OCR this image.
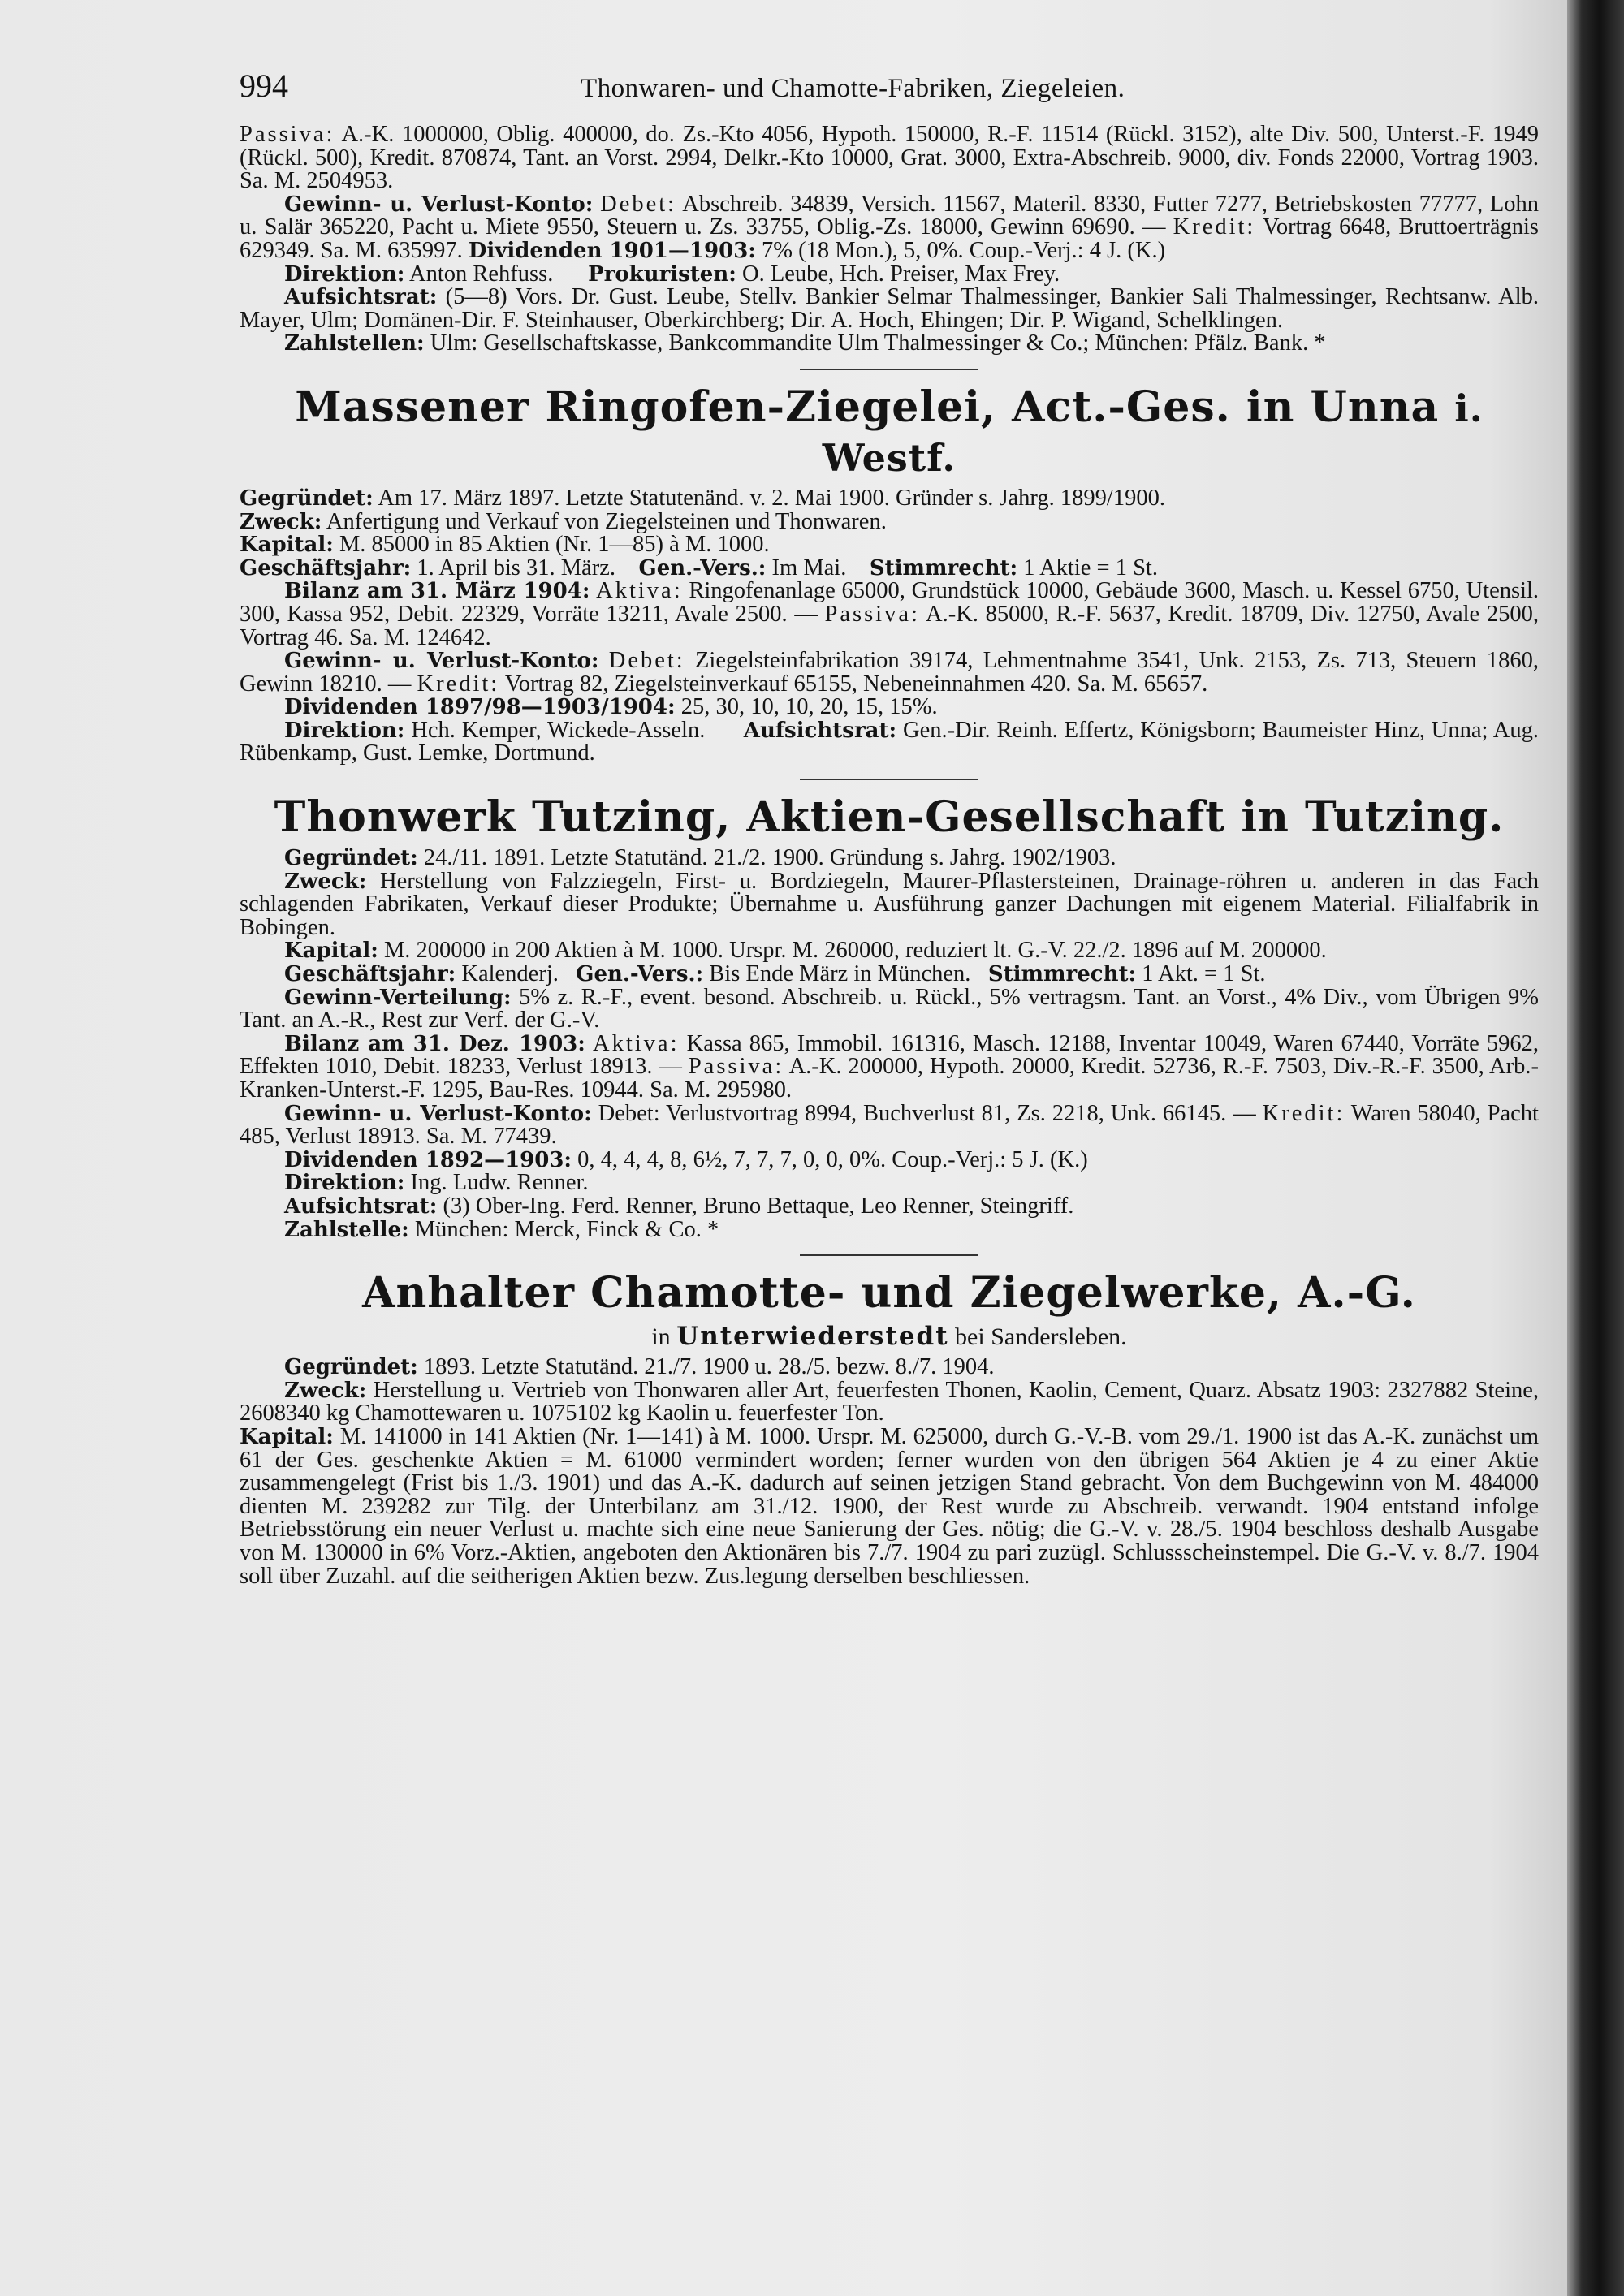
994	Thonwaren- und Chamotte-Fabriken, Ziegeleien.

Passiva: A.-K. 1000000, Oblig. 400000, do. Zs.-Kto 4056, Hypoth. 150000, R.-F. 11514 (Rückl. 3152), alte Div. 500, Unterst.-F. 1949 (Rückl. 500), Kredit. 870874, Tant. an Vorst. 2994, Delkr.-Kto 10000, Grat. 3000, Extra-Abschreib. 9000, div. Fonds 22000, Vortrag 1903. Sa. M. 2504953.

Gewinn- u. Verlust-Konto: Debet: Abschreib. 34839, Versich. 11567, Materil. 8330, Futter 7277, Betriebskosten 77777, Lohn u. Salär 365220, Pacht u. Miete 9550, Steuern u. Zs. 33755, Oblig.-Zs. 18000, Gewinn 69690. — Kredit: Vortrag 6648, Bruttoerträgnis 629349. Sa. M. 635997. Dividenden 1901—1903: 7% (18 Mon.), 5, 0%. Coup.-Verj.: 4 J. (K.)

Direktion: Anton Rehfuss. Prokuristen: O. Leube, Hch. Preiser, Max Frey.

Aufsichtsrat: (5—8) Vors. Dr. Gust. Leube, Stellv. Bankier Selmar Thalmessinger, Bankier Sali Thalmessinger, Rechtsanw. Alb. Mayer, Ulm; Domänen-Dir. F. Steinhauser, Oberkirchberg; Dir. A. Hoch, Ehingen; Dir. P. Wigand, Schelklingen.

Zahlstellen: Ulm: Gesellschaftskasse, Bankcommandite Ulm Thalmessinger & Co.; München: Pfälz. Bank. *

Massener Ringofen-Ziegelei, Act.-Ges. in Unna i. Westf.

Gegründet: Am 17. März 1897. Letzte Statutenänd. v. 2. Mai 1900. Gründer s. Jahrg. 1899/1900.

Zweck: Anfertigung und Verkauf von Ziegelsteinen und Thonwaren.

Kapital: M. 85000 in 85 Aktien (Nr. 1—85) à M. 1000.

Geschäftsjahr: 1. April bis 31. März. Gen.-Vers.: Im Mai. Stimmrecht: 1 Aktie = 1 St.

Bilanz am 31. März 1904: Aktiva: Ringofenanlage 65000, Grundstück 10000, Gebäude 3600, Masch. u. Kessel 6750, Utensil. 300, Kassa 952, Debit. 22329, Vorräte 13211, Avale 2500. — Passiva: A.-K. 85000, R.-F. 5637, Kredit. 18709, Div. 12750, Avale 2500, Vortrag 46. Sa. M. 124642.

Gewinn- u. Verlust-Konto: Debet: Ziegelsteinfabrikation 39174, Lehmentnahme 3541, Unk. 2153, Zs. 713, Steuern 1860, Gewinn 18210. — Kredit: Vortrag 82, Ziegelsteinverkauf 65155, Nebeneinnahmen 420. Sa. M. 65657.

Dividenden 1897/98—1903/1904: 25, 30, 10, 10, 20, 15, 15%.

Direktion: Hch. Kemper, Wickede-Asseln. Aufsichtsrat: Gen.-Dir. Reinh. Effertz, Königsborn; Baumeister Hinz, Unna; Aug. Rübenkamp, Gust. Lemke, Dortmund.

Thonwerk Tutzing, Aktien-Gesellschaft in Tutzing.

Gegründet: 24./11. 1891. Letzte Statutänd. 21./2. 1900. Gründung s. Jahrg. 1902/1903.

Zweck: Herstellung von Falzziegeln, First- u. Bordziegeln, Maurer-Pflastersteinen, Drainage-röhren u. anderen in das Fach schlagenden Fabrikaten, Verkauf dieser Produkte; Übernahme u. Ausführung ganzer Dachungen mit eigenem Material. Filialfabrik in Bobingen.

Kapital: M. 200000 in 200 Aktien à M. 1000. Urspr. M. 260000, reduziert lt. G.-V. 22./2. 1896 auf M. 200000.

Geschäftsjahr: Kalenderj. Gen.-Vers.: Bis Ende März in München. Stimmrecht: 1 Akt. = 1 St.

Gewinn-Verteilung: 5% z. R.-F., event. besond. Abschreib. u. Rückl., 5% vertragsm. Tant. an Vorst., 4% Div., vom Übrigen 9% Tant. an A.-R., Rest zur Verf. der G.-V.

Bilanz am 31. Dez. 1903: Aktiva: Kassa 865, Immobil. 161316, Masch. 12188, Inventar 10049, Waren 67440, Vorräte 5962, Effekten 1010, Debit. 18233, Verlust 18913. — Passiva: A.-K. 200000, Hypoth. 20000, Kredit. 52736, R.-F. 7503, Div.-R.-F. 3500, Arb.-Kranken-Unterst.-F. 1295, Bau-Res. 10944. Sa. M. 295980.

Gewinn- u. Verlust-Konto: Debet: Verlustvortrag 8994, Buchverlust 81, Zs. 2218, Unk. 66145. — Kredit: Waren 58040, Pacht 485, Verlust 18913. Sa. M. 77439.

Dividenden 1892—1903: 0, 4, 4, 4, 8, 6½, 7, 7, 7, 0, 0, 0%. Coup.-Verj.: 5 J. (K.)

Direktion: Ing. Ludw. Renner.

Aufsichtsrat: (3) Ober-Ing. Ferd. Renner, Bruno Bettaque, Leo Renner, Steingriff.

Zahlstelle: München: Merck, Finck & Co. *

Anhalter Chamotte- und Ziegelwerke, A.-G.
in Unterwiederstedt bei Sandersleben.

Gegründet: 1893. Letzte Statutänd. 21./7. 1900 u. 28./5. bezw. 8./7. 1904.

Zweck: Herstellung u. Vertrieb von Thonwaren aller Art, feuerfesten Thonen, Kaolin, Cement, Quarz. Absatz 1903: 2327882 Steine, 2608340 kg Chamottewaren u. 1075102 kg Kaolin u. feuerfester Ton.

Kapital: M. 141000 in 141 Aktien (Nr. 1—141) à M. 1000. Urspr. M. 625000, durch G.-V.-B. vom 29./1. 1900 ist das A.-K. zunächst um 61 der Ges. geschenkte Aktien = M. 61000 vermindert worden; ferner wurden von den übrigen 564 Aktien je 4 zu einer Aktie zusammengelegt (Frist bis 1./3. 1901) und das A.-K. dadurch auf seinen jetzigen Stand gebracht. Von dem Buchgewinn von M. 484000 dienten M. 239282 zur Tilg. der Unterbilanz am 31./12. 1900, der Rest wurde zu Abschreib. verwandt. 1904 entstand infolge Betriebsstörung ein neuer Verlust u. machte sich eine neue Sanierung der Ges. nötig; die G.-V. v. 28./5. 1904 beschloss deshalb Ausgabe von M. 130000 in 6% Vorz.-Aktien, angeboten den Aktionären bis 7./7. 1904 zu pari zuzügl. Schlussscheinstempel. Die G.-V. v. 8./7. 1904 soll über Zuzahl. auf die seitherigen Aktien bezw. Zus.legung derselben beschliessen.
